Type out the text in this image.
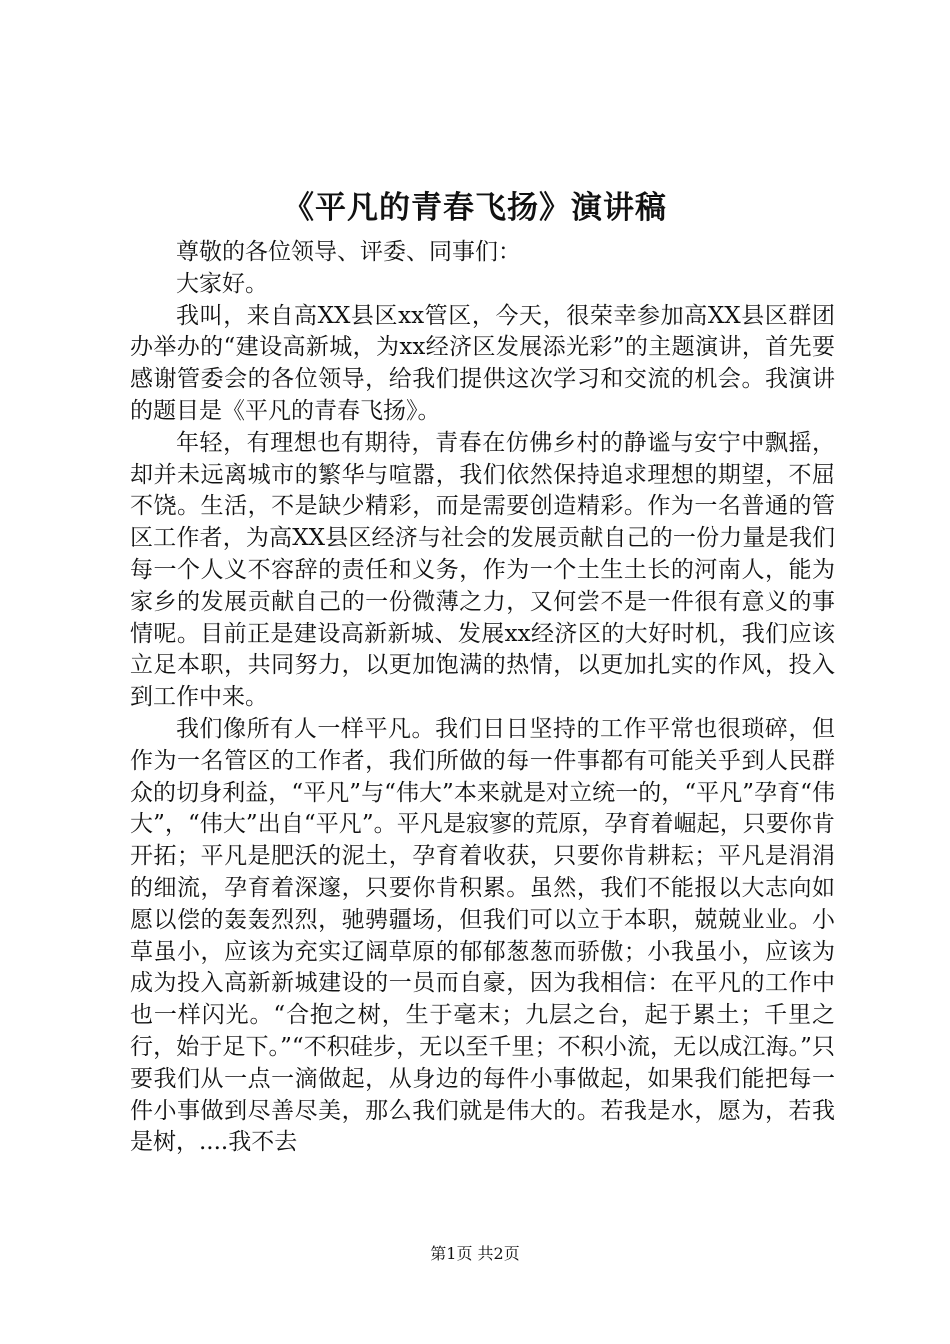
《平凡的青春飞扬》演讲稿

尊敬的各位领导、评委、同事们：

大家好。

我叫，来自高XX县区xx管区，今天，很荣幸参加高XX县区群团办举办的“建设高新城，为xx经济区发展添光彩”的主题演讲，首先要感谢管委会的各位领导，给我们提供这次学习和交流的机会。我演讲的题目是《平凡的青春飞扬》。

年轻，有理想也有期待，青春在仿佛乡村的静谧与安宁中飘摇，却并未远离城市的繁华与喧嚣，我们依然保持追求理想的期望，不屈不饶。生活，不是缺少精彩，而是需要创造精彩。作为一名普通的管区工作者，为高XX县区经济与社会的发展贡献自己的一份力量是我们每一个人义不容辞的责任和义务，作为一个土生土长的河南人，能为家乡的发展贡献自己的一份微薄之力，又何尝不是一件很有意义的事情呢。目前正是建设高新新城、发展xx经济区的大好时机，我们应该立足本职，共同努力，以更加饱满的热情，以更加扎实的作风，投入到工作中来。

我们像所有人一样平凡。我们日日坚持的工作平常也很琐碎，但作为一名管区的工作者，我们所做的每一件事都有可能关乎到人民群众的切身利益，“平凡”与“伟大”本来就是对立统一的，“平凡”孕育“伟大”，“伟大”出自“平凡”。平凡是寂寥的荒原，孕育着崛起，只要你肯开拓；平凡是肥沃的泥土，孕育着收获，只要你肯耕耘；平凡是涓涓的细流，孕育着深邃，只要你肯积累。虽然，我们不能报以大志向如愿以偿的轰轰烈烈，驰骋疆场，但我们可以立于本职，兢兢业业。小草虽小，应该为充实辽阔草原的郁郁葱葱而骄傲；小我虽小，应该为成为投入高新新城建设的一员而自豪，因为我相信：在平凡的工作中也一样闪光。“合抱之树，生于毫末；九层之台，起于累土；千里之行，始于足下。”“不积硅步，无以至千里；不积小流，无以成江海。”只要我们从一点一滴做起，从身边的每件小事做起，如果我们能把每一件小事做到尽善尽美，那么我们就是伟大的。若我是水，愿为，若我是树，....我不去

第1页 共2页
